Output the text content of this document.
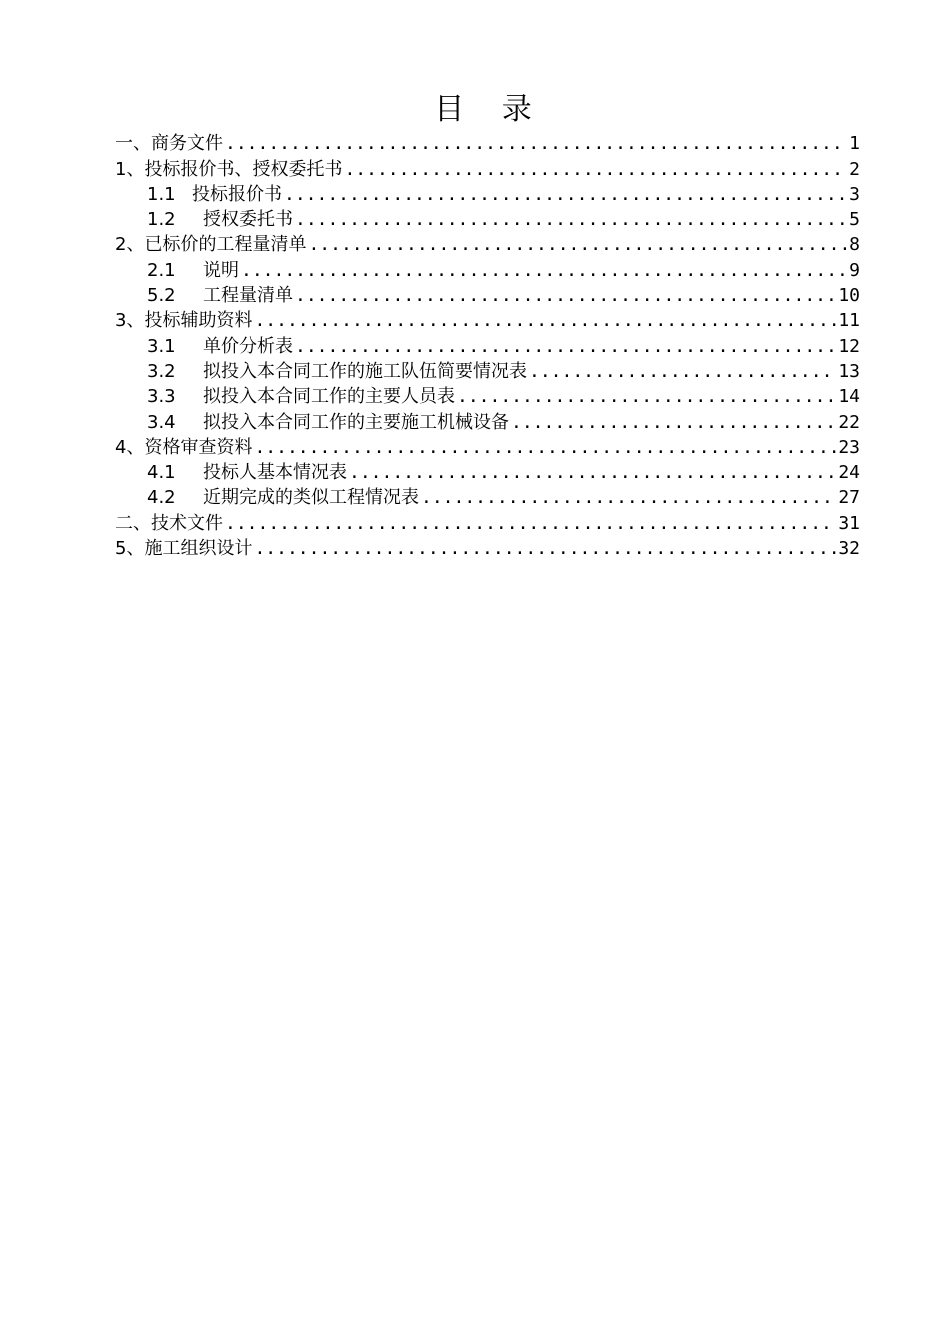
目 录
一、商务文件 .....	1
1、投标报价书、授权委托书 .....	2
1.1 投标报价书 .....	3
1.2	授权委托书 .....	5
2、已标价的工程量清单 .....	8
2.1	说明 .....	9
5.2	工程量清单 .....	10
3、投标辅助资料 .....	11
3.1	单价分析表 .....	12
3.2	拟投入本合同工作的施工队伍简要情况表 .....	13
3.3	拟投入本合同工作的主要人员表 .....	14
3.4	拟投入本合同工作的主要施工机械设备 .....	22
4、资格审查资料 .....	23
4.1	投标人基本情况表 .....	24
4.2	近期完成的类似工程情况表 .....	27
二、技术文件 .....	31
5、施工组织设计 .....	32
